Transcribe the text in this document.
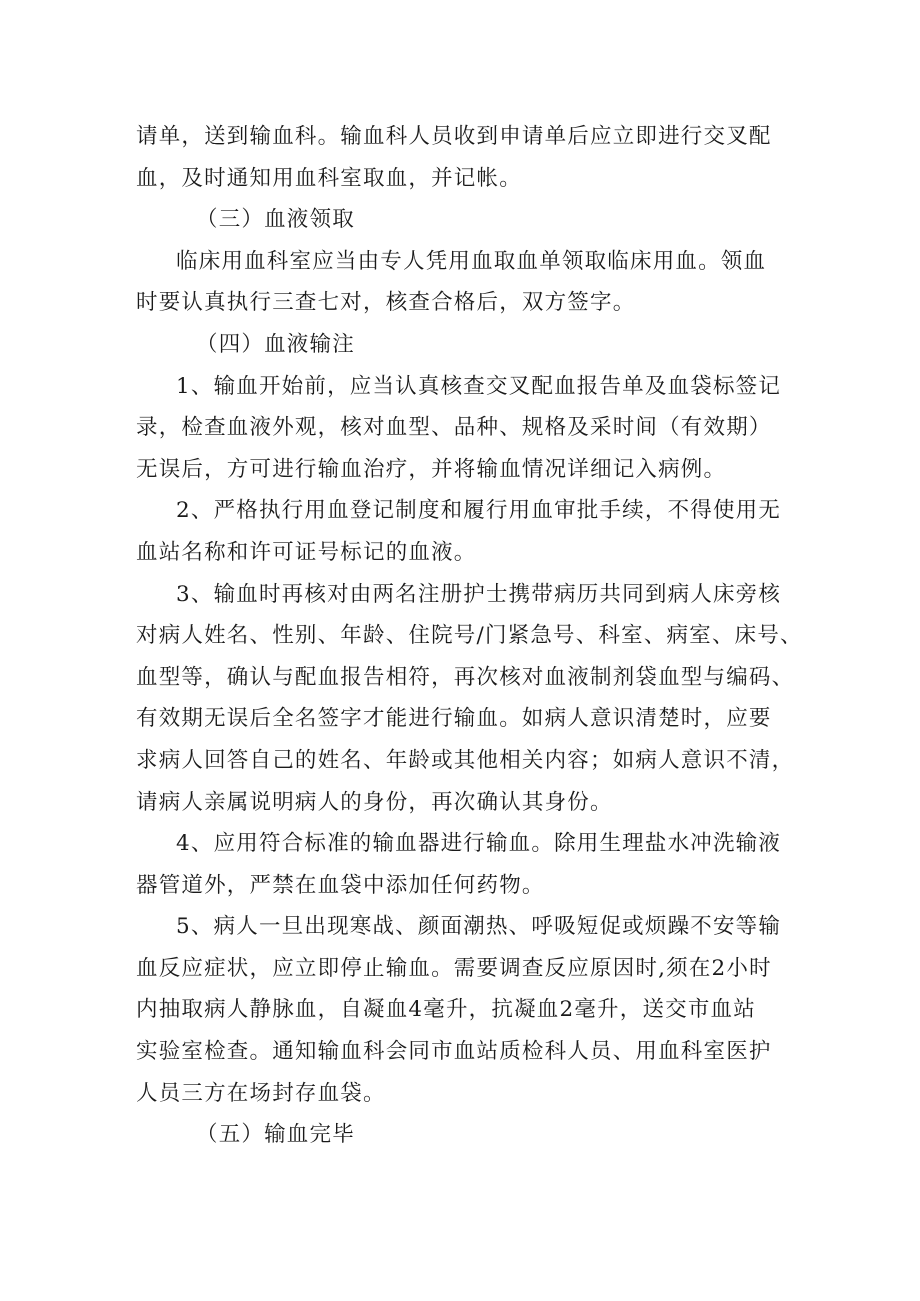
请单，送到输血科。输血科人员收到申请单后应立即进行交叉配
血，及时通知用血科室取血，并记帐。
（三）血液领取
临床用血科室应当由专人凭用血取血单领取临床用血。领血
时要认真执行三查七对，核查合格后，双方签字。
（四）血液输注
1、输血开始前，应当认真核查交叉配血报告单及血袋标签记
录，检查血液外观，核对血型、品种、规格及采时间（有效期）
无误后，方可进行输血治疗，并将输血情况详细记入病例。
2、严格执行用血登记制度和履行用血审批手续，不得使用无
血站名称和许可证号标记的血液。
3、输血时再核对由两名注册护士携带病历共同到病人床旁核
对病人姓名、性别、年龄、住院号/门紧急号、科室、病室、床号、
血型等，确认与配血报告相符，再次核对血液制剂袋血型与编码、
有效期无误后全名签字才能进行输血。如病人意识清楚时，应要
求病人回答自己的姓名、年龄或其他相关内容；如病人意识不清，
请病人亲属说明病人的身份，再次确认其身份。
4、应用符合标准的输血器进行输血。除用生理盐水冲洗输液
器管道外，严禁在血袋中添加任何药物。
5、病人一旦出现寒战、颜面潮热、呼吸短促或烦躁不安等输
血反应症状，应立即停止输血。需要调查反应原因时,须在2小时
内抽取病人静脉血，自凝血4毫升，抗凝血2毫升，送交市血站
实验室检查。通知输血科会同市血站质检科人员、用血科室医护
人员三方在场封存血袋。
（五）输血完毕
